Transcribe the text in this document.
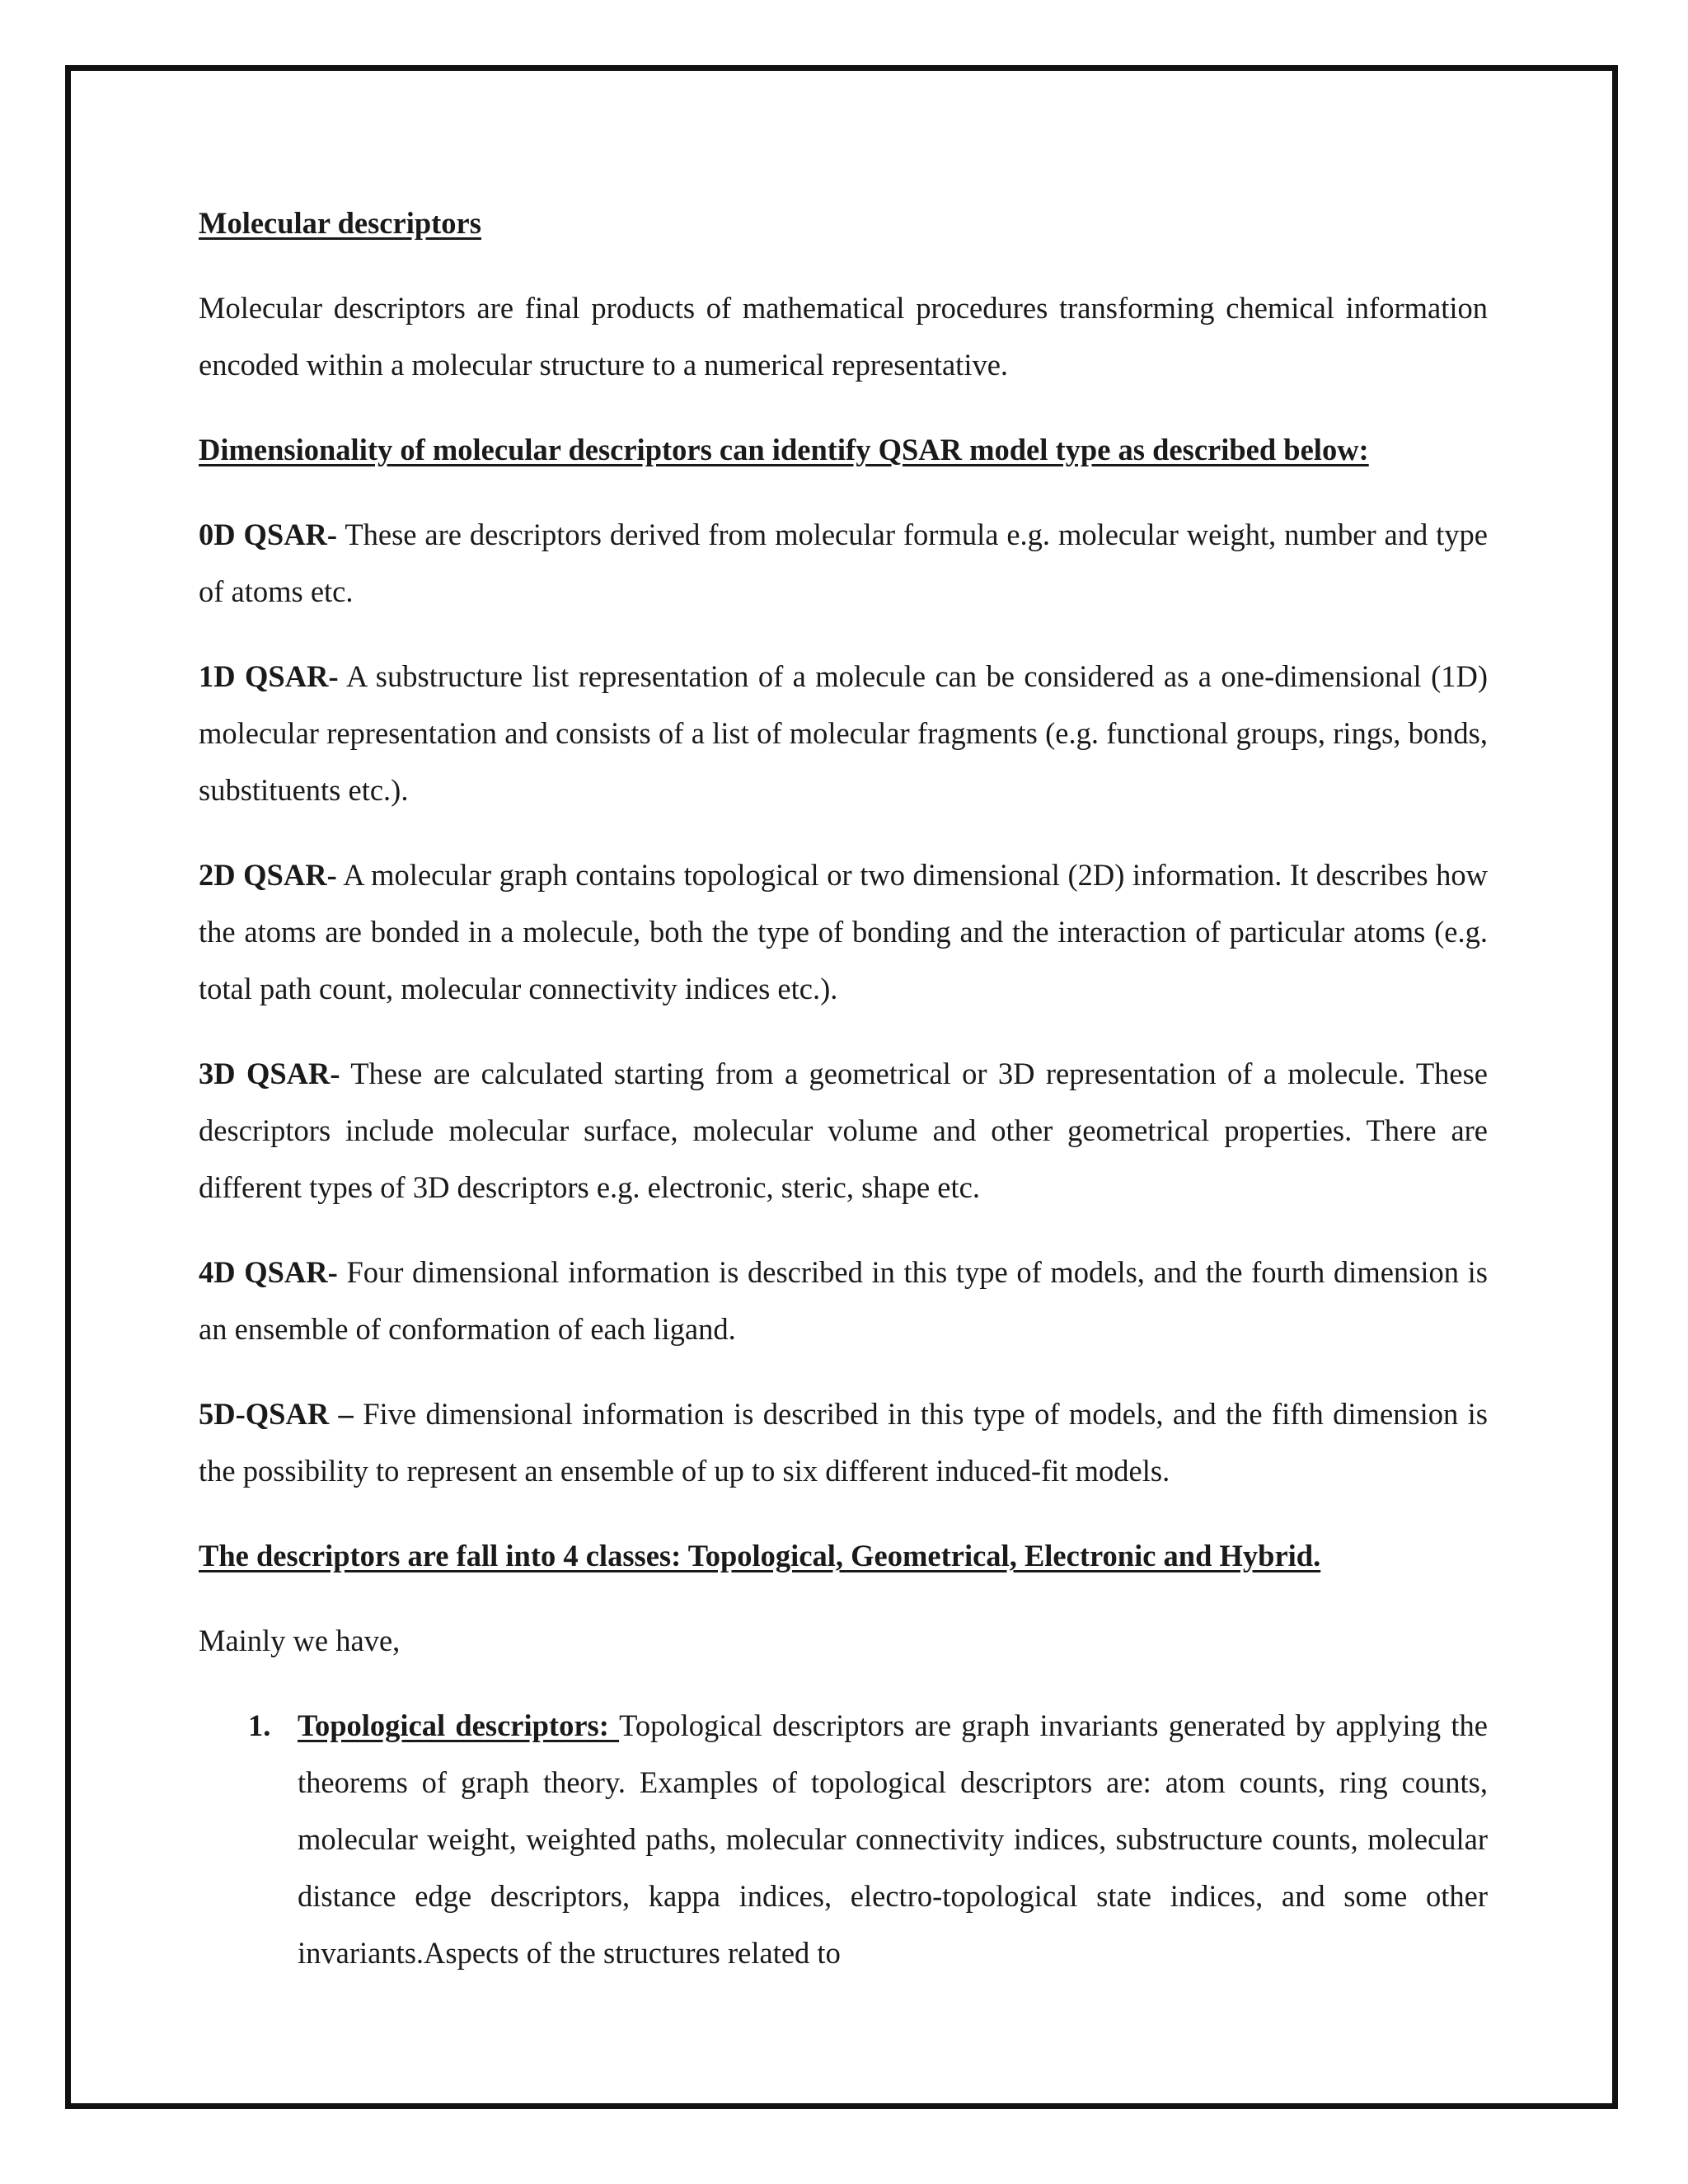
Molecular descriptors

Molecular descriptors are final products of mathematical procedures transforming chemical information encoded within a molecular structure to a numerical representative.

Dimensionality of molecular descriptors can identify QSAR model type as described below:

0D QSAR- These are descriptors derived from molecular formula e.g. molecular weight, number and type of atoms etc.

1D QSAR- A substructure list representation of a molecule can be considered as a one-dimensional (1D) molecular representation and consists of a list of molecular fragments (e.g. functional groups, rings, bonds, substituents etc.).

2D QSAR- A molecular graph contains topological or two dimensional (2D) information. It describes how the atoms are bonded in a molecule, both the type of bonding and the interaction of particular atoms (e.g. total path count, molecular connectivity indices etc.).

3D QSAR- These are calculated starting from a geometrical or 3D representation of a molecule. These descriptors include molecular surface, molecular volume and other geometrical properties. There are different types of 3D descriptors e.g. electronic, steric, shape etc.

4D QSAR- Four dimensional information is described in this type of models, and the fourth dimension is an ensemble of conformation of each ligand.

5D-QSAR – Five dimensional information is described in this type of models, and the fifth dimension is the possibility to represent an ensemble of up to six different induced-fit models.

The descriptors are fall into 4 classes: Topological, Geometrical, Electronic and Hybrid.

Mainly we have,

1. Topological descriptors: Topological descriptors are graph invariants generated by applying the theorems of graph theory. Examples of topological descriptors are: atom counts, ring counts, molecular weight, weighted paths, molecular connectivity indices, substructure counts, molecular distance edge descriptors, kappa indices, electro-topological state indices, and some other invariants.Aspects of the structures related to
